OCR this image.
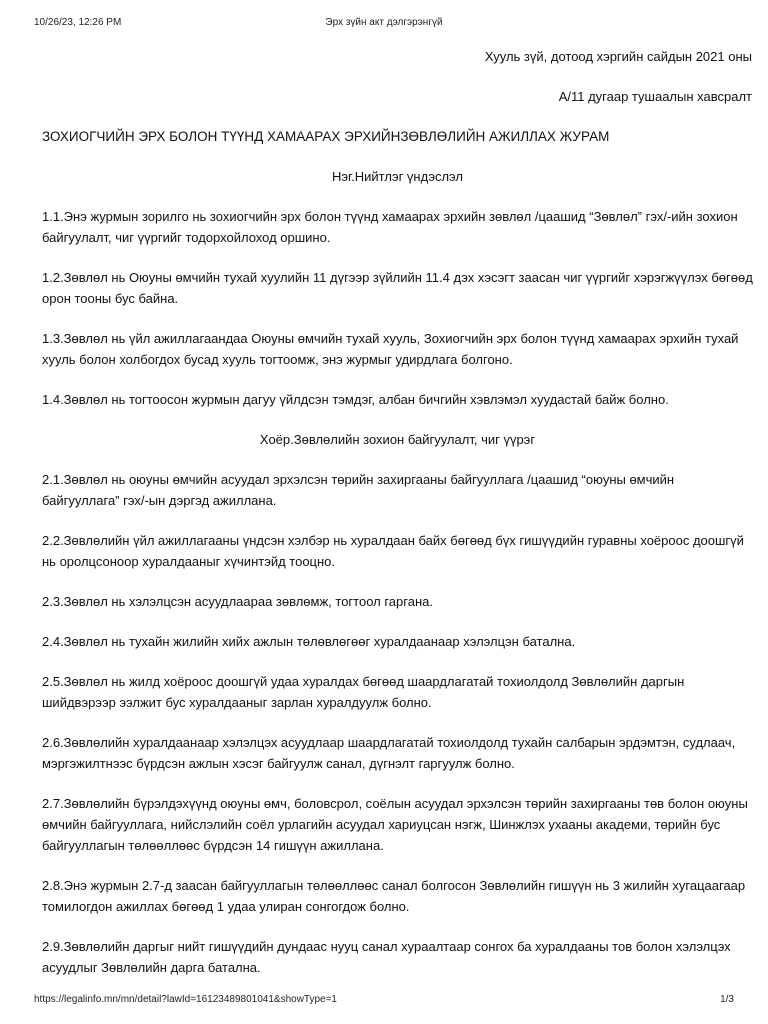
10/26/23, 12:26 PM	Эрх зүйн акт дэлгэрэнгүй

Хууль зүй, дотоод хэргийн сайдын 2021 оны

А/11 дугаар тушаалын хавсралт

ЗОХИОГЧИЙН ЭРХ БОЛОН ТҮҮНД ХАМААРАХ ЭРХИЙНЗӨВЛӨЛИЙН АЖИЛЛАХ ЖУРАМ

Нэг.Нийтлэг үндэслэл

1.1.Энэ журмын зорилго нь зохиогчийн эрх болон түүнд хамаарах эрхийн зөвлөл /цаашид “Зөвлөл” гэх/-ийн зохион байгуулалт, чиг үүргийг тодорхойлоход оршино.

1.2.Зөвлөл нь Оюуны өмчийн тухай хуулийн 11 дүгээр зүйлийн 11.4 дэх хэсэгт заасан чиг үүргийг хэрэгжүүлэх бөгөөд орон тооны бус байна.

1.3.Зөвлөл нь үйл ажиллагаандаа Оюуны өмчийн тухай хууль, Зохиогчийн эрх болон түүнд хамаарах эрхийн тухай хууль болон холбогдох бусад хууль тогтоомж, энэ журмыг удирдлага болгоно.

1.4.Зөвлөл нь тогтоосон журмын дагуу үйлдсэн тэмдэг, албан бичгийн хэвлэмэл хуудастай байж болно.

Хоёр.Зөвлөлийн зохион байгуулалт, чиг үүрэг

2.1.Зөвлөл нь оюуны өмчийн асуудал эрхэлсэн төрийн захиргааны байгууллага /цаашид “оюуны өмчийн байгууллага” гэх/-ын дэргэд ажиллана.

2.2.Зөвлөлийн үйл ажиллагааны үндсэн хэлбэр нь хуралдаан байх бөгөөд бүх гишүүдийн гуравны хоёроос доошгүй нь оролцсоноор хуралдааныг хүчинтэйд тооцно.

2.3.Зөвлөл нь хэлэлцсэн асуудлаараа зөвлөмж, тогтоол гаргана.

2.4.Зөвлөл нь тухайн жилийн хийх ажлын төлөвлөгөөг хуралдаанаар хэлэлцэн батална.

2.5.Зөвлөл нь жилд хоёроос доошгүй удаа хуралдах бөгөөд шаардлагатай тохиолдолд Зөвлөлийн даргын шийдвэрээр ээлжит бус хуралдааныг зарлан хуралдуулж болно.

2.6.Зөвлөлийн хуралдаанаар хэлэлцэх асуудлаар шаардлагатай тохиолдолд тухайн салбарын эрдэмтэн, судлаач, мэргэжилтнээс бүрдсэн ажлын хэсэг байгуулж санал, дүгнэлт гаргуулж болно.

2.7.Зөвлөлийн бүрэлдэхүүнд оюуны өмч, боловсрол, соёлын асуудал эрхэлсэн төрийн захиргааны төв болон оюуны өмчийн байгууллага, нийслэлийн соёл урлагийн асуудал хариуцсан нэгж, Шинжлэх ухааны академи, төрийн бус байгууллагын төлөөллөөс бүрдсэн 14 гишүүн ажиллана.

2.8.Энэ журмын 2.7-д заасан байгууллагын төлөөллөөс санал болгосон Зөвлөлийн гишүүн нь 3 жилийн хугацаагаар томилогдон ажиллах бөгөөд 1 удаа улиран сонгогдож болно.

2.9.Зөвлөлийн даргыг нийт гишүүдийн дундаас нууц санал хураалтаар сонгох ба хуралдааны тов болон хэлэлцэх асуудлыг Зөвлөлийн дарга батална.

https://legalinfo.mn/mn/detail?lawId=16123489801041&showType=1	1/3
